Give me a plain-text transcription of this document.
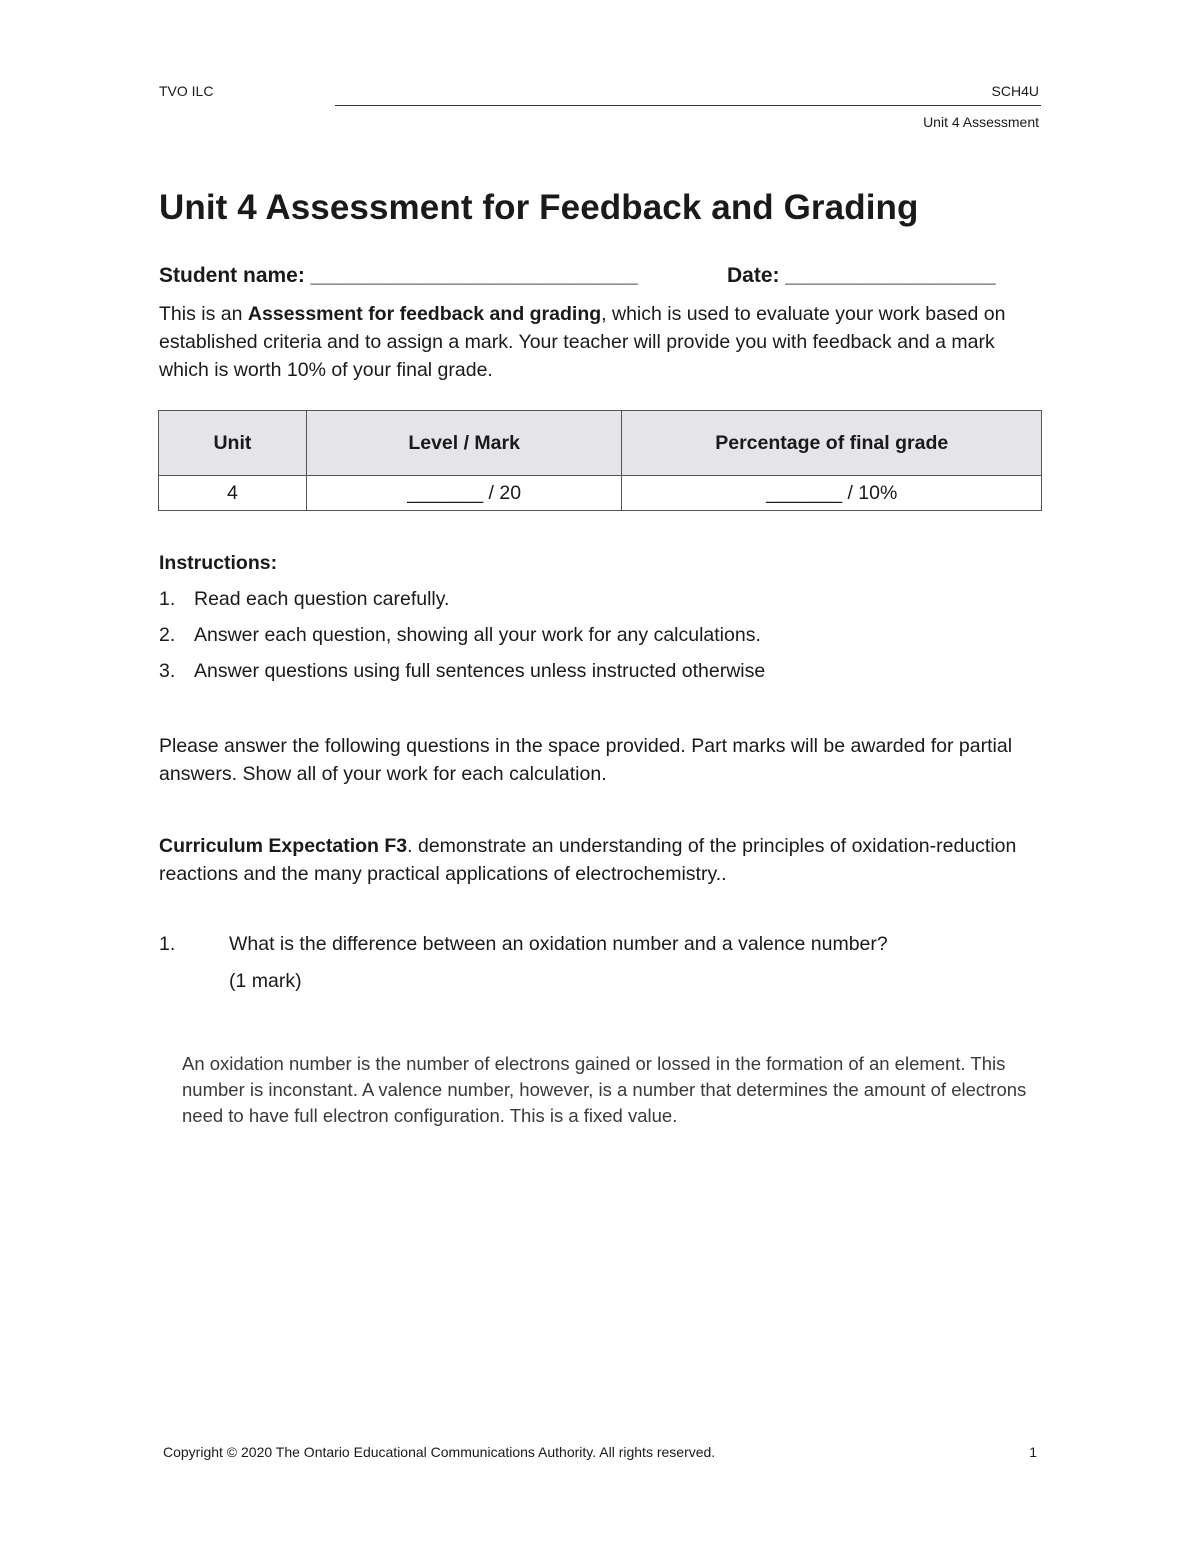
TVO ILC	SCH4U
Unit 4 Assessment
Unit 4 Assessment for Feedback and Grading
Student name: ____________________________	Date: __________________
This is an Assessment for feedback and grading, which is used to evaluate your work based on established criteria and to assign a mark. Your teacher will provide you with feedback and a mark which is worth 10% of your final grade.
Unit	Level / Mark	Percentage of final grade
4	_______ / 20	_______ / 10%
Instructions:
1. Read each question carefully.
2. Answer each question, showing all your work for any calculations.
3. Answer questions using full sentences unless instructed otherwise
Please answer the following questions in the space provided. Part marks will be awarded for partial answers. Show all of your work for each calculation.
Curriculum Expectation F3. demonstrate an understanding of the principles of oxidation-reduction reactions and the many practical applications of electrochemistry..
1.	What is the difference between an oxidation number and a valence number?
(1 mark)
An oxidation number is the number of electrons gained or lossed in the formation of an element. This number is inconstant. A valence number, however, is a number that determines the amount of electrons need to have full electron configuration. This is a fixed value.
Copyright © 2020 The Ontario Educational Communications Authority. All rights reserved.	1
